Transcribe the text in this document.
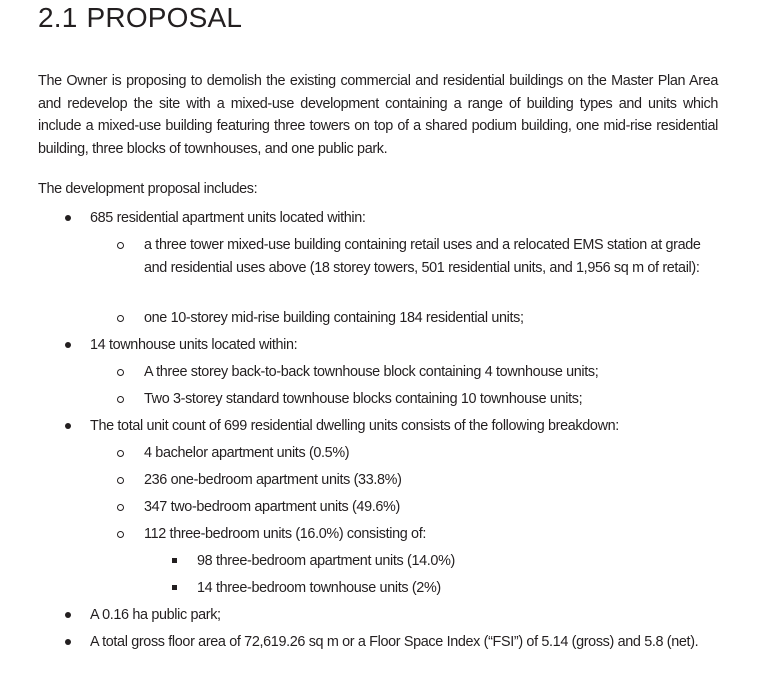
2.1 PROPOSAL

The Owner is proposing to demolish the existing commercial and residential buildings on the Master Plan Area and redevelop the site with a mixed-use development containing a range of building types and units which include a mixed-use building featuring three towers on top of a shared podium building, one mid-rise residential building, three blocks of townhouses, and one public park.

The development proposal includes:

685 residential apartment units located within:

a three tower mixed-use building containing retail uses and a relocated EMS station at grade and residential uses above (18 storey towers, 501 residential units, and 1,956 sq m of retail):

one 10-storey mid-rise building containing 184 residential units;
14 townhouse units located within:
A three storey back-to-back townhouse block containing 4 townhouse units;
Two 3-storey standard townhouse blocks containing 10 townhouse units;
The total unit count of 699 residential dwelling units consists of the following breakdown:
4 bachelor apartment units (0.5%)
236 one-bedroom apartment units (33.8%)
347 two-bedroom apartment units (49.6%)
112 three-bedroom units (16.0%) consisting of:
98 three-bedroom apartment units (14.0%)
14 three-bedroom townhouse units (2%)
A 0.16 ha public park;

A total gross floor area of 72,619.26 sq m or a Floor Space Index (“FSI”) of 5.14 (gross) and 5.8 (net).
